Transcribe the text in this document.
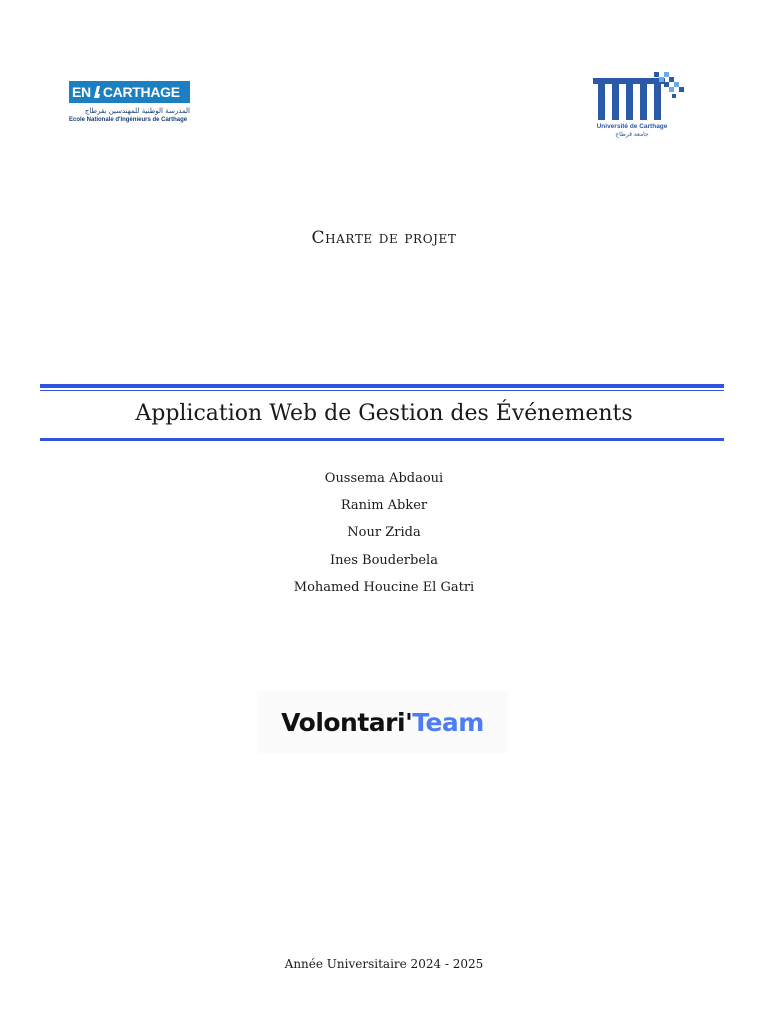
EN CARTHAGE
المدرسة الوطنية للمهندسين بقرطاج
Ecole Nationale d'Ingénieurs de Carthage
Université de Carthage
جامعة قرطاج
Charte de projet
Application Web de Gestion des Événements
Oussema Abdaoui
Ranim Abker
Nour Zrida
Ines Bouderbela
Mohamed Houcine El Gatri
Volontari' Team
Année Universitaire 2024 - 2025
